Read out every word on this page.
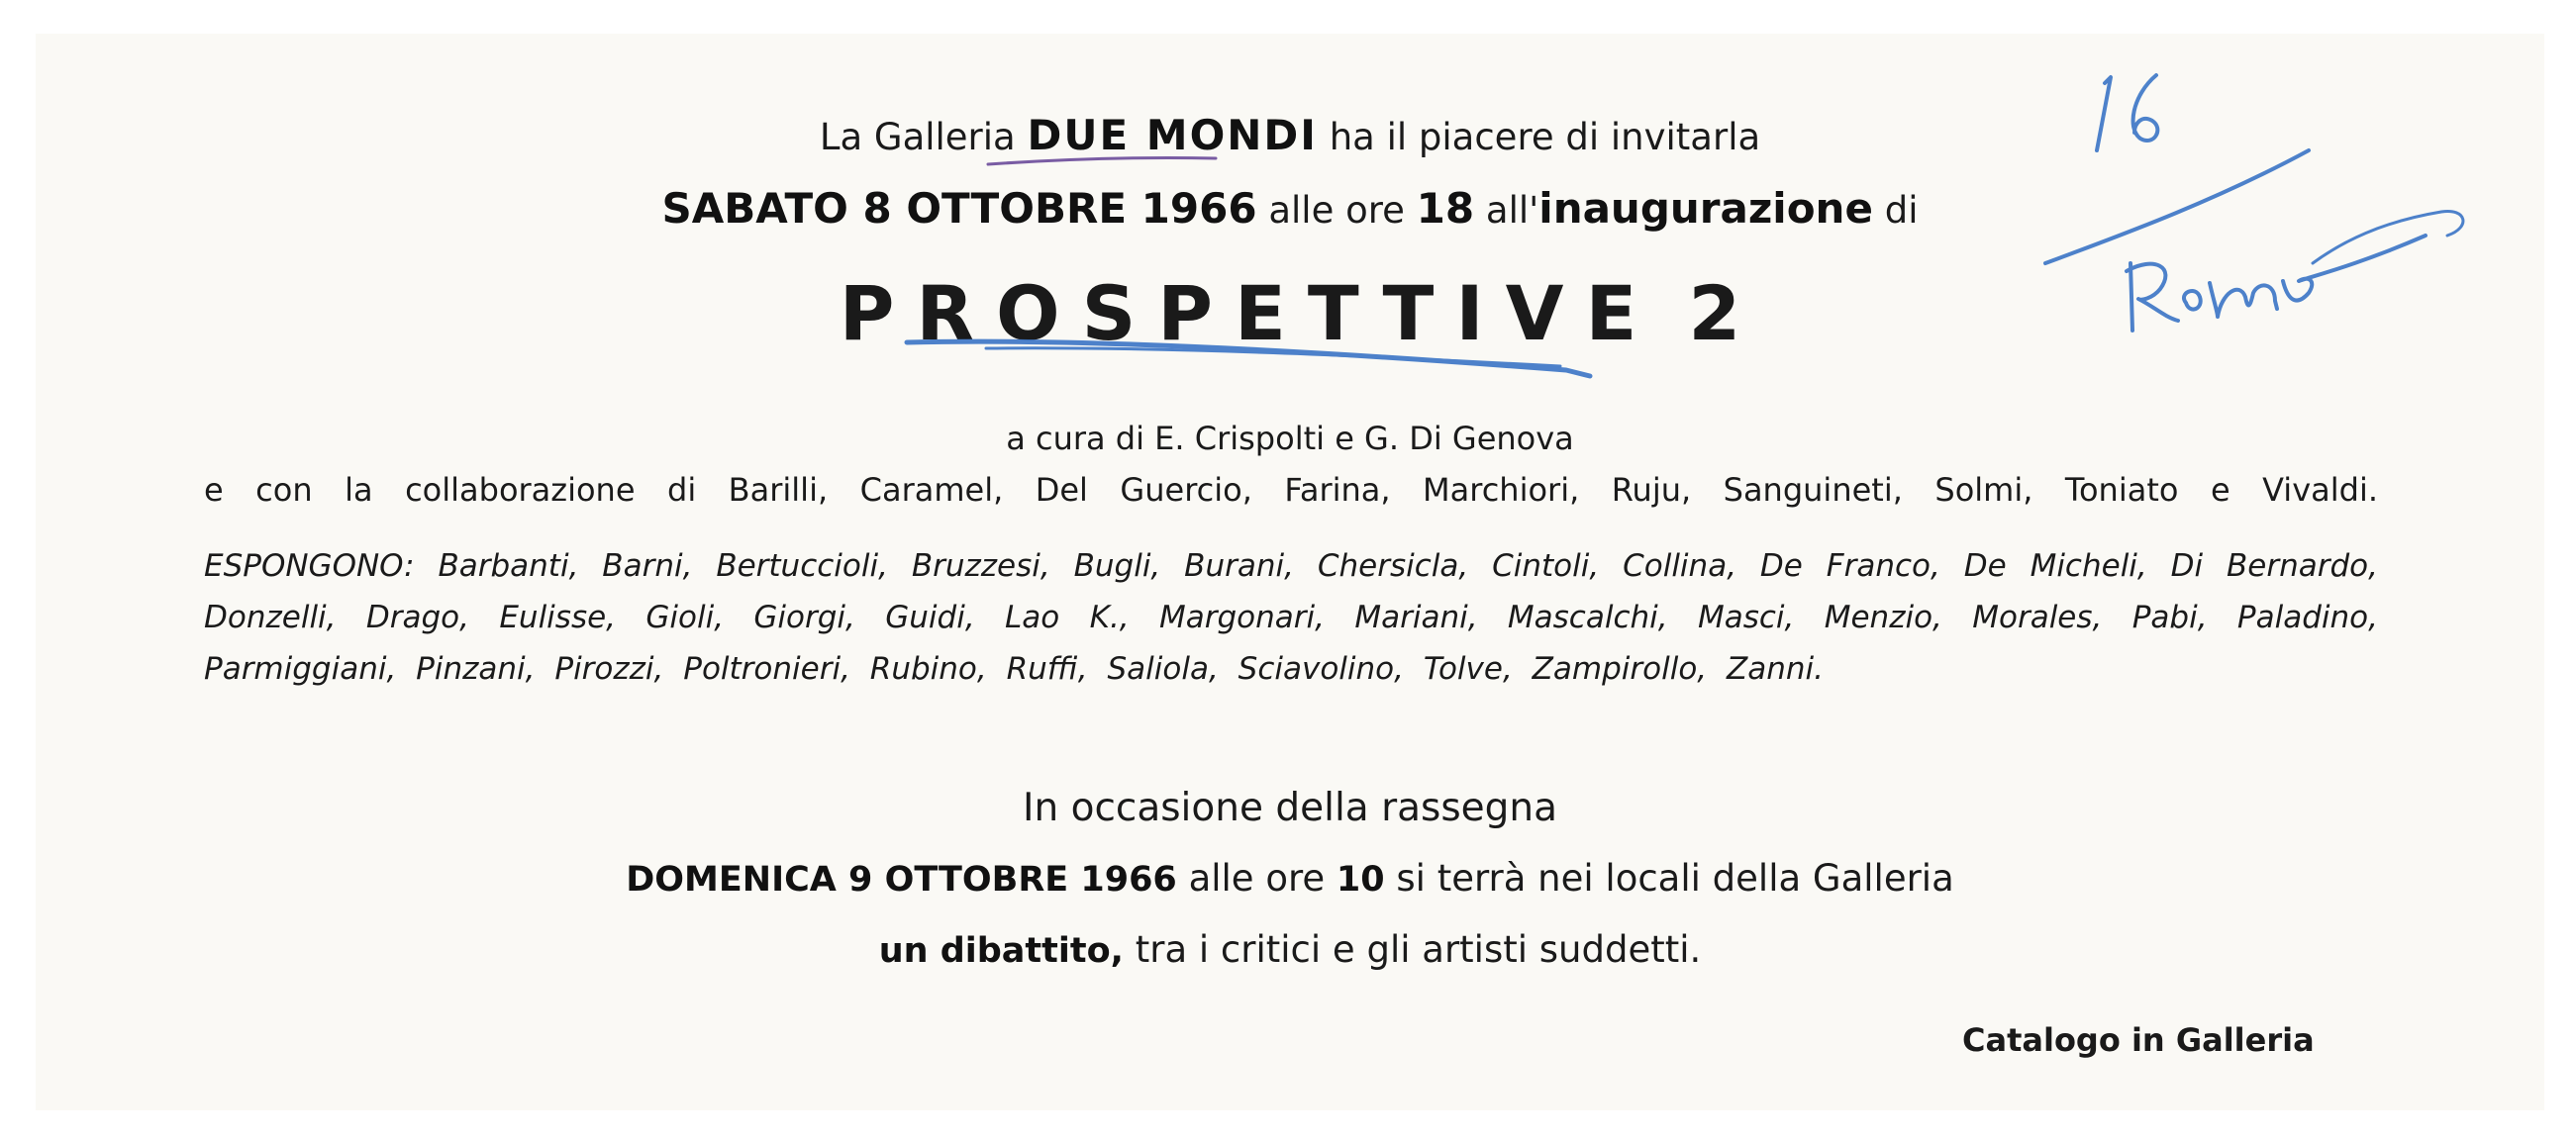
La Galleria DUE MONDI ha il piacere di invitarla
SABATO 8 OTTOBRE 1966 alle ore 18 all'inaugurazione di
PROSPETTIVE 2
a cura di E. Crispolti e G. Di Genova
e con la collaborazione di Barilli, Caramel, Del Guercio, Farina, Marchiori, Ruju, Sanguineti, Solmi, Toniato e Vivaldi.
ESPONGONO: Barbanti, Barni, Bertuccioli, Bruzzesi, Bugli, Burani, Chersicla, Cintoli, Collina, De Franco, De Micheli, Di Bernardo,
Donzelli, Drago, Eulisse, Gioli, Giorgi, Guidi, Lao K., Margonari, Mariani, Mascalchi, Masci, Menzio, Morales, Pabi, Paladino,
Parmiggiani, Pinzani, Pirozzi, Poltronieri, Rubino, Ruffi, Saliola, Sciavolino, Tolve, Zampirollo, Zanni.
In occasione della rassegna
DOMENICA 9 OTTOBRE 1966 alle ore 10 si terrà nei locali della Galleria
un dibattito, tra i critici e gli artisti suddetti.
Catalogo in Galleria
